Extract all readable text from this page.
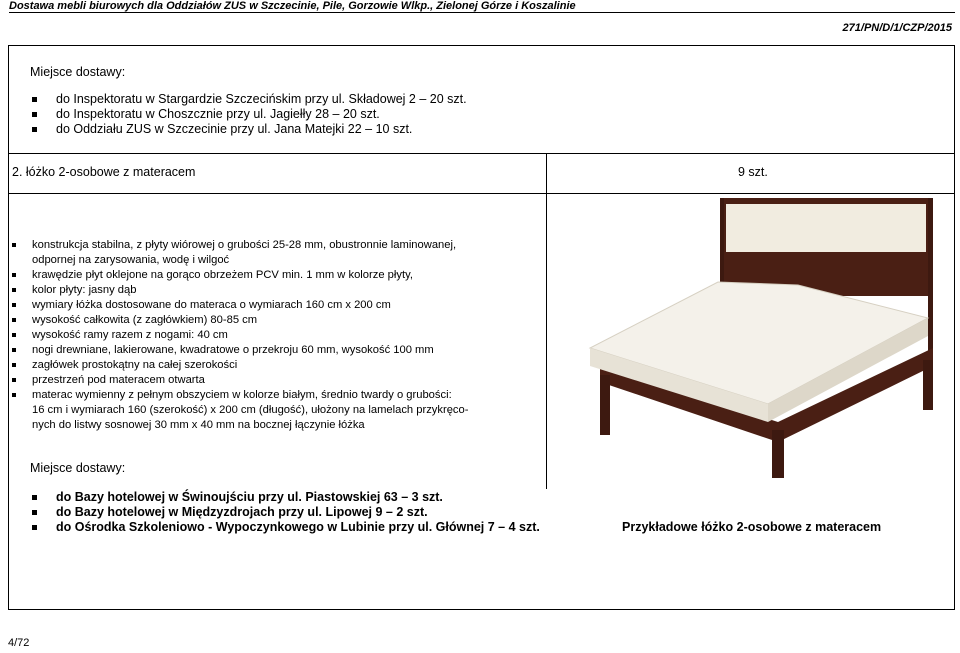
Dostawa mebli biurowych dla Oddziałów ZUS w Szczecinie, Pile, Gorzowie Wlkp., Zielonej Górze i Koszalinie
271/PN/D/1/CZP/2015
Miejsce dostawy:
do Inspektoratu w Stargardzie Szczecińskim przy ul. Składowej 2 – 20 szt.
do Inspektoratu w Choszcznie przy ul. Jagiełły 28 – 20 szt.
do Oddziału ZUS w Szczecinie przy ul. Jana Matejki 22 – 10 szt.
2. łóżko 2-osobowe z materacem	9 szt.
konstrukcja stabilna, z płyty wiórowej o grubości 25-28 mm, obustronnie laminowanej,
odpornej na zarysowania, wodę i wilgoć
krawędzie płyt oklejone na gorąco obrzeżem PCV min. 1 mm w kolorze płyty,
kolor płyty: jasny dąb
wymiary łóżka dostosowane do materaca o wymiarach 160 cm x 200 cm
wysokość całkowita (z zagłówkiem) 80-85 cm
wysokość ramy razem z nogami: 40 cm
nogi drewniane, lakierowane, kwadratowe o przekroju 60 mm, wysokość 100 mm
zagłówek prostokątny na całej szerokości
przestrzeń pod materacem otwarta
materac wymienny z pełnym obszyciem w kolorze białym, średnio twardy o grubości:
16 cm i wymiarach 160 (szerokość) x 200 cm (długość), ułożony na lamelach przykręco-
nych do listwy sosnowej 30 mm x 40 mm na bocznej łączynie łóżka
Miejsce dostawy:
do Bazy hotelowej w Świnoujściu przy ul. Piastowskiej 63 – 3 szt.
do Bazy hotelowej w Międzyzdrojach przy ul. Lipowej 9 – 2 szt.
do Ośrodka Szkoleniowo - Wypoczynkowego w Lubinie przy ul. Głównej 7 – 4 szt.	Przykładowe łóżko 2-osobowe z materacem
4/72
